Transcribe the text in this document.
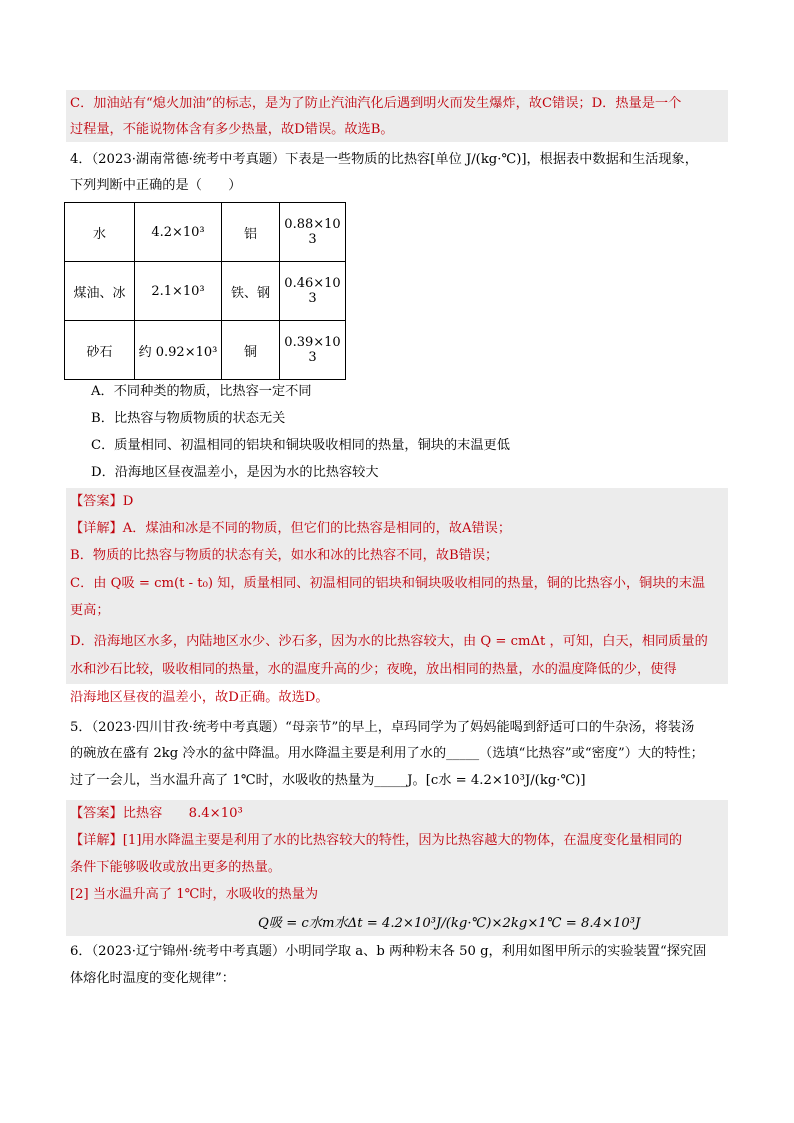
C．加油站有“熄火加油”的标志，是为了防止汽油汽化后遇到明火而发生爆炸，故C错误；D．热量是一个
过程量，不能说物体含有多少热量，故D错误。故选B。
4．（2023·湖南常德·统考中考真题）下表是一些物质的比热容[单位 J/(kg·℃)]，根据表中数据和生活现象，
下列判断中正确的是（　　）
水	4.2×10³	铝	0.88×10
3
煤油、冰	2.1×10³	铁、钢	0.46×10
3
砂石	约 0.92×10³	铜	0.39×10
3
A．不同种类的物质，比热容一定不同
B．比热容与物质物质的状态无关
C．质量相同、初温相同的铝块和铜块吸收相同的热量，铜块的末温更低
D．沿海地区昼夜温差小，是因为水的比热容较大
【答案】D
【详解】A．煤油和冰是不同的物质，但它们的比热容是相同的，故A错误；
B．物质的比热容与物质的状态有关，如水和冰的比热容不同，故B错误；
C．由 Q吸 = cm(t - t₀) 知，质量相同、初温相同的铝块和铜块吸收相同的热量，铜的比热容小，铜块的末温
更高；
D．沿海地区水多，内陆地区水少、沙石多，因为水的比热容较大，由 Q = cmΔt ，可知，白天，相同质量的
水和沙石比较，吸收相同的热量，水的温度升高的少；夜晚，放出相同的热量，水的温度降低的少，使得
沿海地区昼夜的温差小，故D正确。故选D。
5．（2023·四川甘孜·统考中考真题）“母亲节”的早上，卓玛同学为了妈妈能喝到舒适可口的牛杂汤，将装汤
的碗放在盛有 2kg 冷水的盆中降温。用水降温主要是利用了水的_____（选填“比热容”或“密度”）大的特性；
过了一会儿，当水温升高了 1℃时，水吸收的热量为_____J。[c水 = 4.2×10³J/(kg·℃)]
【答案】比热容　　8.4×10³
【详解】[1]用水降温主要是利用了水的比热容较大的特性，因为比热容越大的物体，在温度变化量相同的
条件下能够吸收或放出更多的热量。
[2] 当水温升高了 1℃时，水吸收的热量为
Q吸 = c水m水Δt = 4.2×10³J/(kg·℃)×2kg×1℃ = 8.4×10³J
6．（2023·辽宁锦州·统考中考真题）小明同学取 a、b 两种粉末各 50 g，利用如图甲所示的实验装置“探究固
体熔化时温度的变化规律”：
